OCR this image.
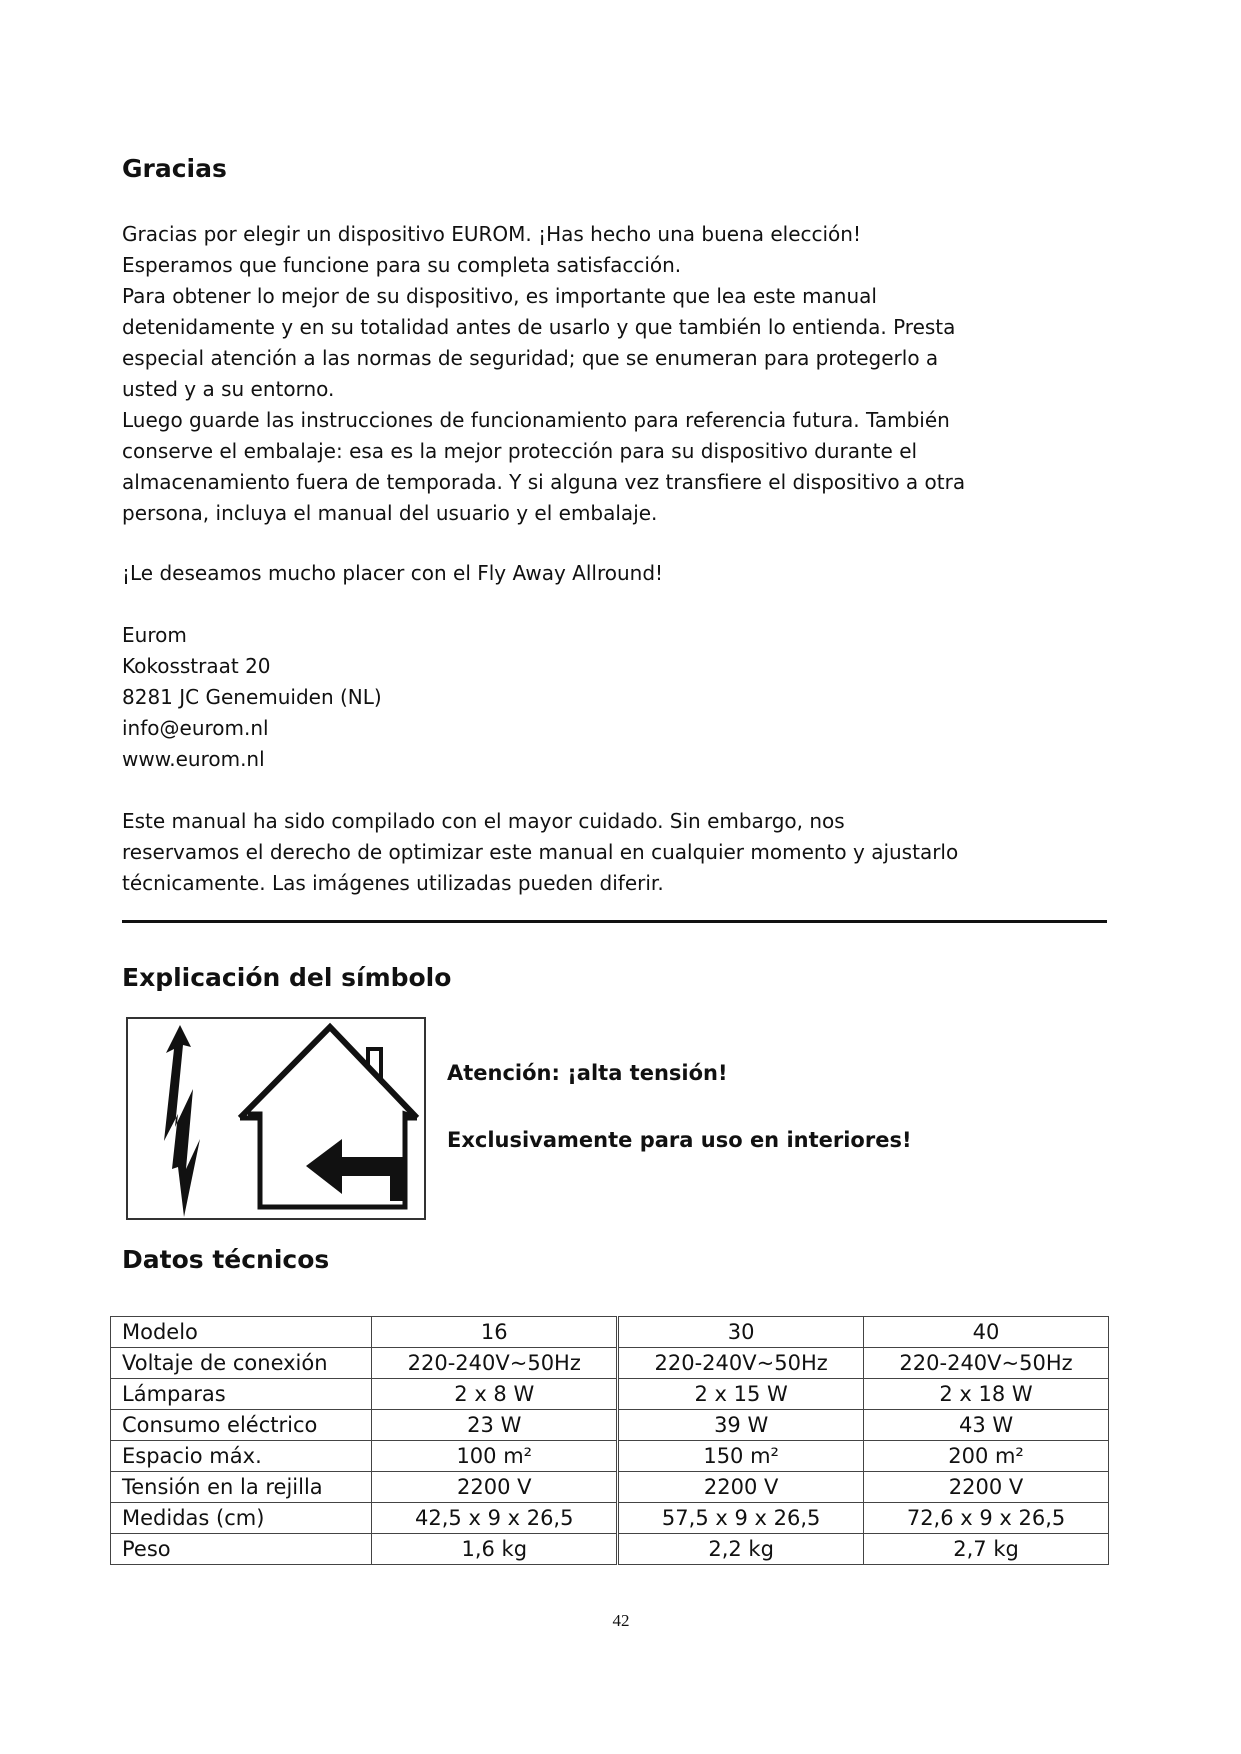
Gracias
Gracias por elegir un dispositivo EUROM. ¡Has hecho una buena elección!
Esperamos que funcione para su completa satisfacción.
Para obtener lo mejor de su dispositivo, es importante que lea este manual
detenidamente y en su totalidad antes de usarlo y que también lo entienda. Presta
especial atención a las normas de seguridad; que se enumeran para protegerlo a
usted y a su entorno.
Luego guarde las instrucciones de funcionamiento para referencia futura. También
conserve el embalaje: esa es la mejor protección para su dispositivo durante el
almacenamiento fuera de temporada. Y si alguna vez transfiere el dispositivo a otra
persona, incluya el manual del usuario y el embalaje.
¡Le deseamos mucho placer con el Fly Away Allround!
Eurom
Kokosstraat 20
8281 JC Genemuiden (NL)
info@eurom.nl
www.eurom.nl
Este manual ha sido compilado con el mayor cuidado. Sin embargo, nos
reservamos el derecho de optimizar este manual en cualquier momento y ajustarlo
técnicamente. Las imágenes utilizadas pueden diferir.
Explicación del símbolo
Atención: ¡alta tensión!
Exclusivamente para uso en interiores!
Datos técnicos
Modelo	16	30	40
Voltaje de conexión	220-240V~50Hz	220-240V~50Hz	220-240V~50Hz
Lámparas	2 x 8 W	2 x 15 W	2 x 18 W
Consumo eléctrico	23 W	39 W	43 W
Espacio máx.	100 m²	150 m²	200 m²
Tensión en la rejilla	2200 V	2200 V	2200 V
Medidas (cm)	42,5 x 9 x 26,5	57,5 x 9 x 26,5	72,6 x 9 x 26,5
Peso	1,6 kg	2,2 kg	2,7 kg
42
